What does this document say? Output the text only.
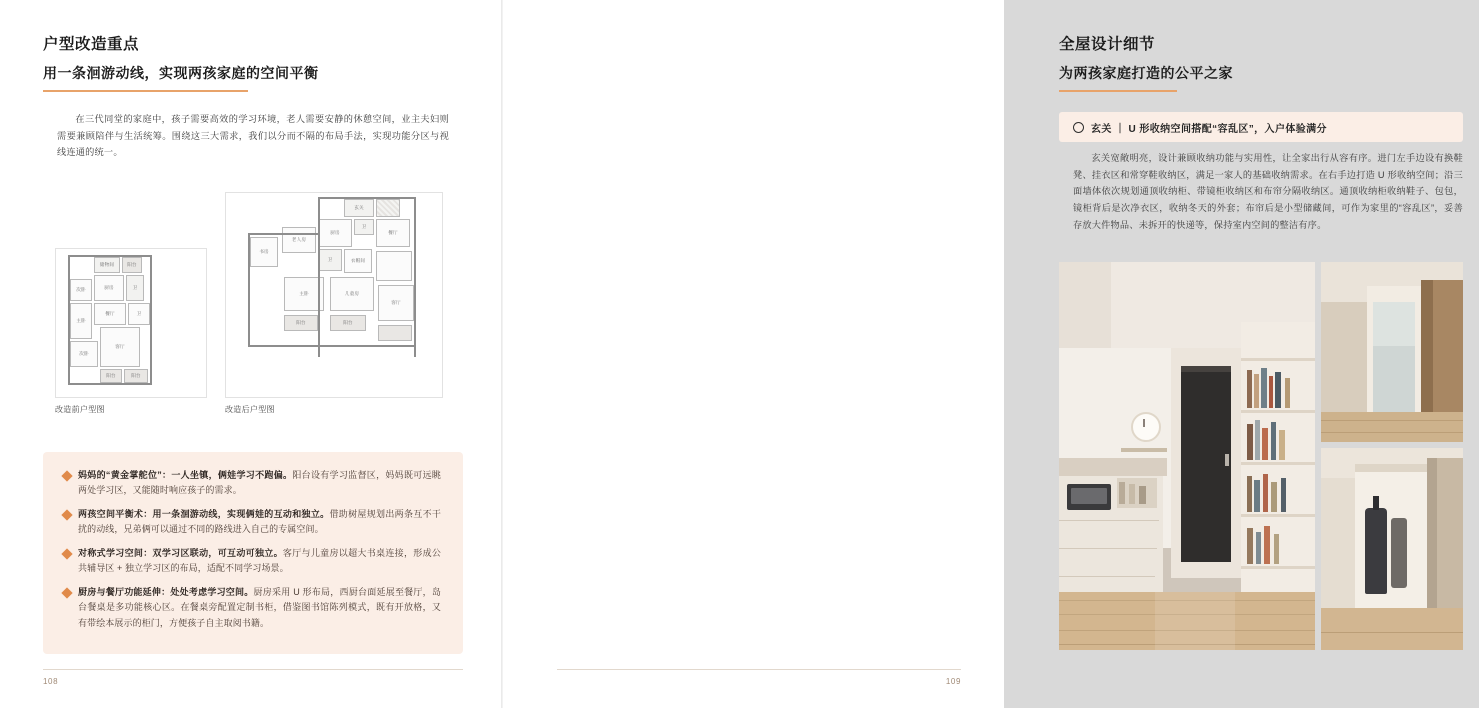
户型改造重点
用一条洄游动线，实现两孩家庭的空间平衡
在三代同堂的家庭中，孩子需要高效的学习环境，老人需要安静的休憩空间，业主夫妇则需要兼顾陪伴与生活统筹。围绕这三大需求，我们以分而不隔的布局手法，实现功能分区与视线连通的统一。
储物间	阳台
厨房	卫
次卧
餐厅
主卧
卫
次卧
客厅
阳台	阳台
改造前户型图
玄关
厨房
卫
餐厅
老人房
书房
卫	衣帽间
主卧	儿童房
客厅
阳台	阳台
改造后户型图
妈妈的“黄金掌舵位”：一人坐镇，俩娃学习不跑偏。阳台设有学习监督区，妈妈既可远眺两处学习区，又能随时响应孩子的需求。
两孩空间平衡术：用一条洄游动线，实现俩娃的互动和独立。借助树屋规划出两条互不干扰的动线，兄弟俩可以通过不同的路线进入自己的专属空间。
对称式学习空间：双学习区联动，可互动可独立。客厅与儿童房以超大书桌连接，形成公共辅导区 + 独立学习区的布局，适配不同学习场景。
厨房与餐厅功能延伸：处处考虑学习空间。厨房采用 U 形布局，西厨台面延展至餐厅，岛台餐桌是多功能核心区。在餐桌旁配置定制书柜，借鉴图书馆陈列模式，既有开放格，又有带绘本展示的柜门，方便孩子自主取阅书籍。
108
全屋设计细节
为两孩家庭打造的公平之家
玄关 ｜ U 形收纳空间搭配“容乱区”，入户体验满分
玄关宽敞明亮，设计兼顾收纳功能与实用性，让全家出行从容有序。进门左手边设有换鞋凳、挂衣区和常穿鞋收纳区，满足一家人的基础收纳需求。在右手边打造 U 形收纳空间；沿三面墙体依次规划通顶收纳柜、带镜柜收纳区和布帘分隔收纳区。通顶收纳柜收纳鞋子、包包，镜柜背后是次净衣区，收纳冬天的外套；布帘后是小型储藏间，可作为家里的“容乱区”，妥善存放大件物品、未拆开的快递等，保持室内空间的整洁有序。
109
